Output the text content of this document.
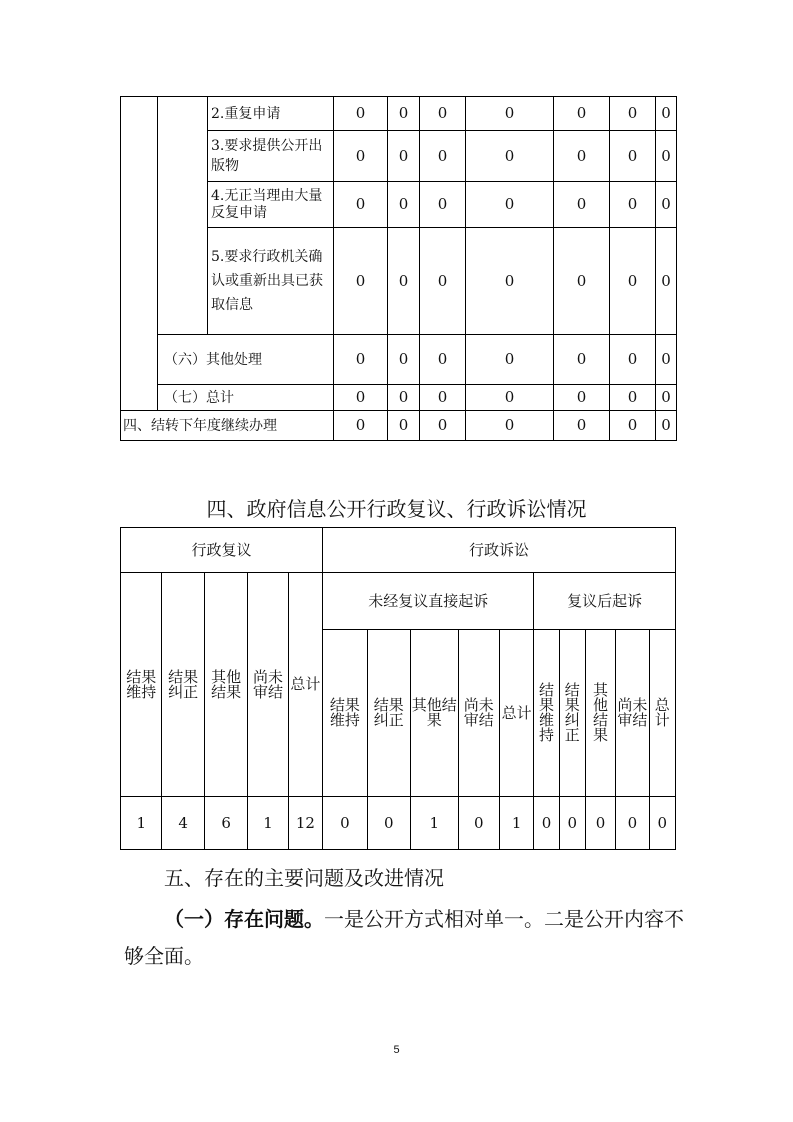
		2.重复申请	0	0	0	0	0	0	0
		3.要求提供公开出版物	0	0	0	0	0	0	0
		4.无正当理由大量反复申请	0	0	0	0	0	0	0
		5.要求行政机关确认或重新出具已获取信息	0	0	0	0	0	0	0
	（六）其他处理		0	0	0	0	0	0	0
	（七）总计		0	0	0	0	0	0	0
四、结转下年度继续办理			0	0	0	0	0	0	0
四、政府信息公开行政复议、行政诉讼情况
行政复议					行政诉讼									
结果维持	结果纠正	其他结果	尚未审结	总计	未经复议直接起诉					复议后起诉				
					结果维持	结果纠正	其他结果	尚未审结	总计	结果维持	结果纠正	其他结果	尚未审结	总计
1	4	6	1	12	0	0	1	0	1	0	0	0	0	0
五、存在的主要问题及改进情况
（一）存在问题。一是公开方式相对单一。二是公开内容不够全面。
5
